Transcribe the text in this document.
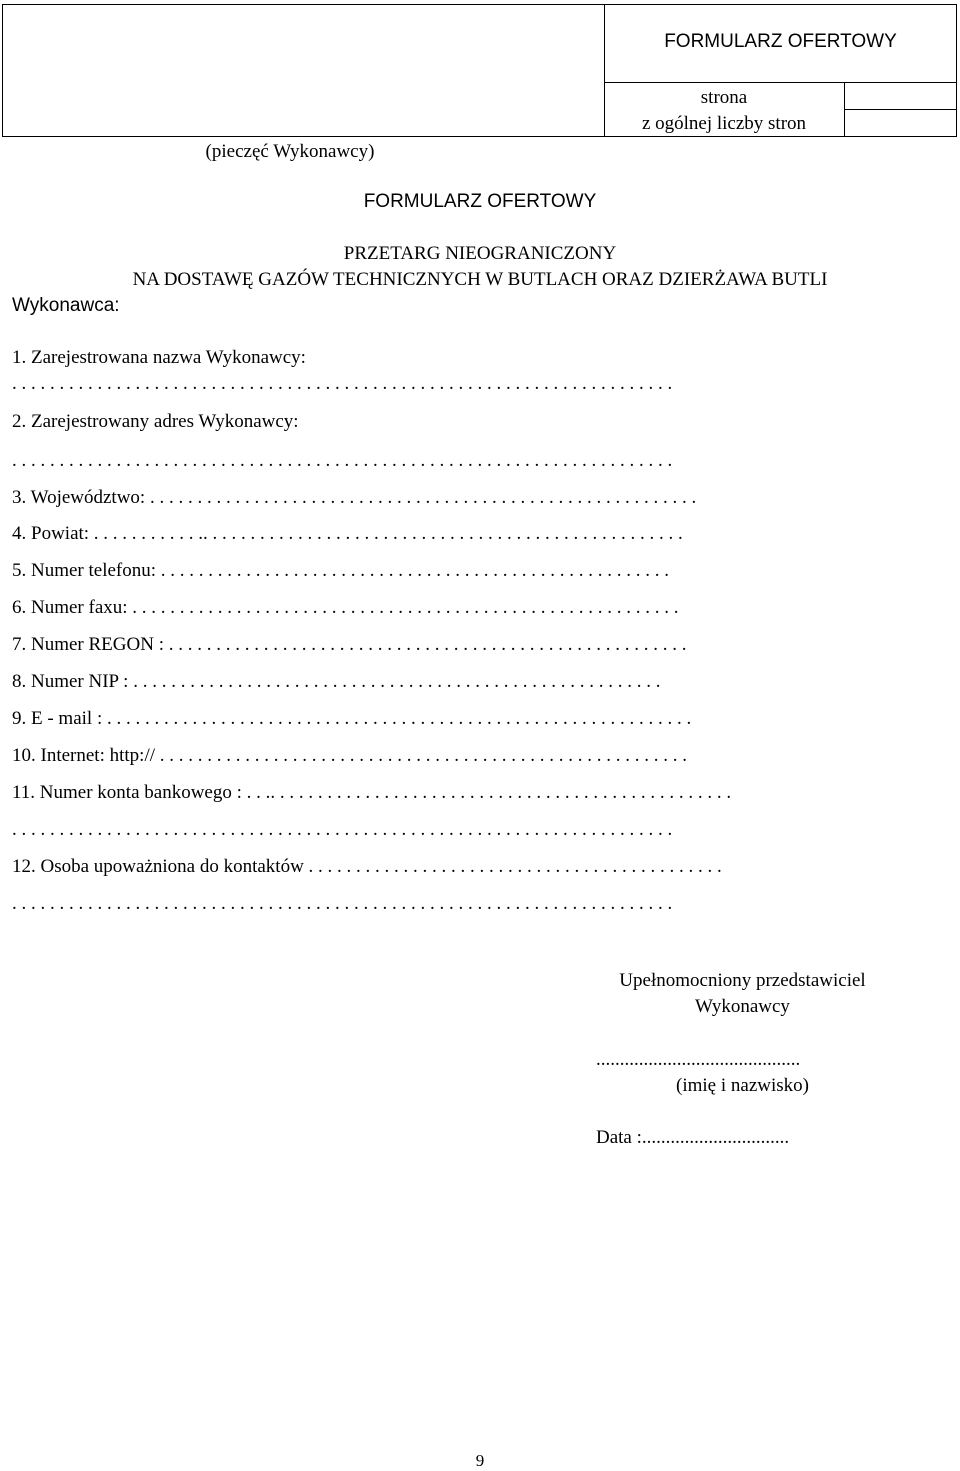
FORMULARZ OFERTOWY
strona
z ogólnej liczby stron
(pieczęć Wykonawcy)
FORMULARZ OFERTOWY
PRZETARG NIEOGRANICZONY
NA DOSTAWĘ GAZÓW TECHNICZNYCH W BUTLACH ORAZ DZIERŻAWA BUTLI
Wykonawca:
1. Zarejestrowana nazwa Wykonawcy:
. . . . . . . . . . . . . . . . . . . . . . . . . . . . . . . . . . . . . . . . . . . . . . . . . . . . . . . . . . . . . . . . . . . . . .
2. Zarejestrowany adres Wykonawcy:
. . . . . . . . . . . . . . . . . . . . . . . . . . . . . . . . . . . . . . . . . . . . . . . . . . . . . . . . . . . . . . . . . . . . . .
3. Województwo: . . . . . . . . . . . . . . . . . . . . . . . . . . . . . . . . . . . . . . . . . . . . . . . . . . . . . . . . . .
4. Powiat: . . . . . . . . . . . .. . . . . . . . . . . . . . . . . . . . . . . . . . . . . . . . . . . . . . . . . . . . . . . . . . .
5. Numer telefonu: . . . . . . . . . . . . . . . . . . . . . . . . . . . . . . . . . . . . . . . . . . . . . . . . . . . . . .
6. Numer faxu: . . . . . . . . . . . . . . . . . . . . . . . . . . . . . . . . . . . . . . . . . . . . . . . . . . . . . . . . . .
7. Numer REGON : . . . . . . . . . . . . . . . . . . . . . . . . . . . . . . . . . . . . . . . . . . . . . . . . . . . . . . .
8. Numer NIP : . . . . . . . . . . . . . . . . . . . . . . . . . . . . . . . . . . . . . . . . . . . . . . . . . . . . . . . .
9. E - mail : . . . . . . . . . . . . . . . . . . . . . . . . . . . . . . . . . . . . . . . . . . . . . . . . . . . . . . . . . . . . . .
10. Internet: http:// . . . . . . . . . . . . . . . . . . . . . . . . . . . . . . . . . . . . . . . . . . . . . . . . . . . . . . . .
11. Numer konta bankowego : . . .. . . . . . . . . . . . . . . . . . . . . . . . . . . . . . . . . . . . . . . . . . . . . . . . .
. . . . . . . . . . . . . . . . . . . . . . . . . . . . . . . . . . . . . . . . . . . . . . . . . . . . . . . . . . . . . . . . . . . . . .
12. Osoba upoważniona do kontaktów . . . . . . . . . . . . . . . . . . . . . . . . . . . . . . . . . . . . . . . . . . . .
. . . . . . . . . . . . . . . . . . . . . . . . . . . . . . . . . . . . . . . . . . . . . . . . . . . . . . . . . . . . . . . . . . . . . .
Upełnomocniony przedstawiciel
Wykonawcy
...........................................
(imię i nazwisko)
Data :...............................
9
